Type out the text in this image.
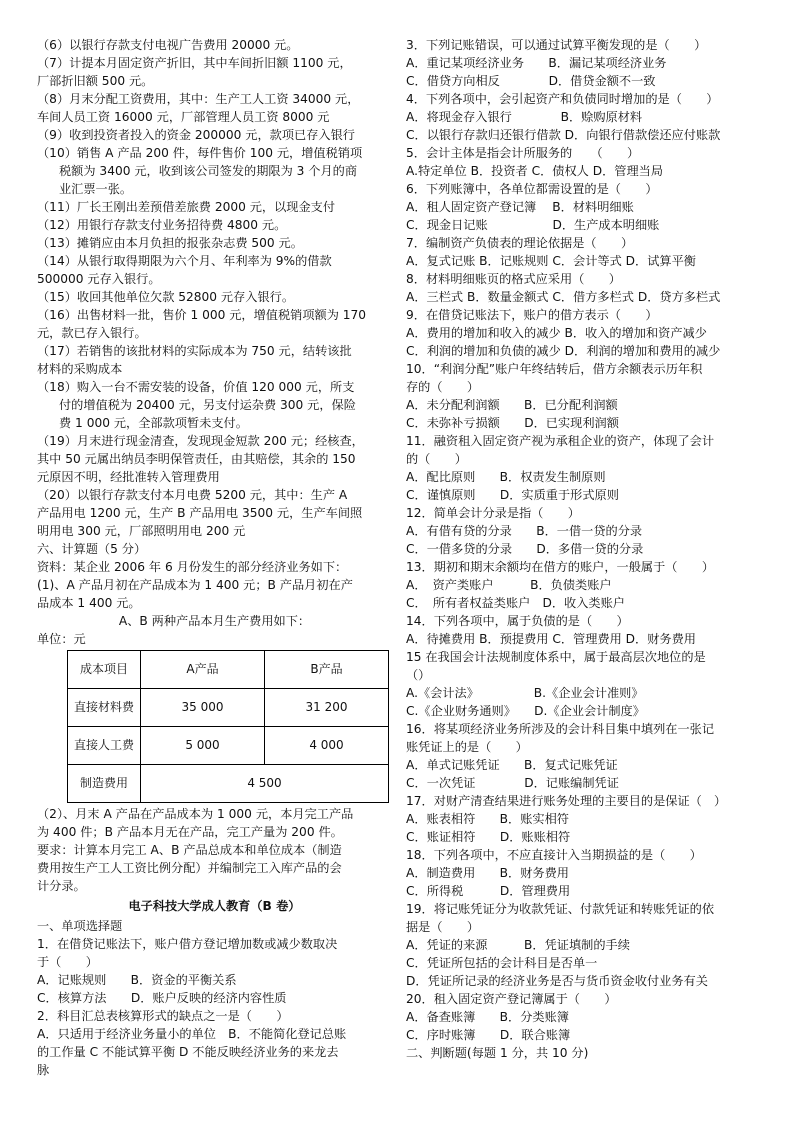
（6）以银行存款支付电视广告费用 20000 元。
（7）计提本月固定资产折旧，其中车间折旧额 1100 元，
厂部折旧额 500 元。
（8）月末分配工资费用，其中：生产工人工资 34000 元，
车间人员工资 16000 元，厂部管理人员工资 8000 元
（9）收到投资者投入的资金 200000 元，款项已存入银行
（10）销售 A 产品 200 件，每件售价 100 元，增值税销项
税额为 3400 元，收到该公司签发的期限为 3 个月的商
业汇票一张。
（11）厂长王刚出差预借差旅费 2000 元，以现金支付
（12）用银行存款支付业务招待费 4800 元。
（13）摊销应由本月负担的报张杂志费 500 元。
（14）从银行取得期限为六个月、年利率为 9%的借款
500000 元存入银行。
（15）收回其他单位欠款 52800 元存入银行。
（16）出售材料一批，售价 1 000 元，增值税销项额为 170
元，款已存入银行。
（17）若销售的该批材料的实际成本为 750 元，结转该批
材料的采购成本
（18）购入一台不需安装的设备，价值 120 000 元，所支
付的增值税为 20400 元，另支付运杂费 300 元，保险
费 1 000 元，全部款项暂未支付。
（19）月末进行现金清查，发现现金短款 200 元；经核查，
其中 50 元属出纳员李明保管责任，由其赔偿，其余的 150
元原因不明，经批准转入管理费用
（20）以银行存款支付本月电费 5200 元，其中：生产 A
产品用电 1200 元，生产 B 产品用电 3500 元，生产车间照
明用电 300 元，厂部照明用电 200 元
六、计算题（5 分）
资料：某企业 2006 年 6 月份发生的部分经济业务如下：
(1)、A 产品月初在产品成本为 1 400 元；B 产品月初在产
品成本 1 400 元。
A、B 两种产品本月生产费用如下：
单位：元
成本项目	A产品	B产品
直接材料费	35 000	31 200
直接人工费	5 000	4 000
制造费用	4 500	
（2）、月末 A 产品在产品成本为 1 000 元，本月完工产品
为 400 件；B 产品本月无在产品，完工产量为 200 件。
要求：计算本月完工 A、B 产品总成本和单位成本（制造
费用按生产工人工资比例分配）并编制完工入库产品的会
计分录。
电子科技大学成人教育（B 卷）
一、单项选择题
1．在借贷记账法下，账户借方登记增加数或减少数取决
于（　　）
A．记账规则　　B．资金的平衡关系
C．核算方法　　D．账户反映的经济内容性质
2．科目汇总表核算形式的缺点之一是（　　）
A．只适用于经济业务量小的单位　B．不能简化登记总账
的工作量 C 不能试算平衡 D 不能反映经济业务的来龙去
脉
3．下列记账错误，可以通过试算平衡发现的是（　　）
A．重记某项经济业务　　B．漏记某项经济业务
C．借贷方向相反　　　　D．借贷金额不一致
4．下列各项中，会引起资产和负债同时增加的是（　　）
A．将现金存入银行　　　　B．赊购原材料
C．以银行存款归还银行借款 D．向银行借款偿还应付账款
5．会计主体是指会计所服务的　　（　　）
A.特定单位 B．投资者 C．债权人 D．管理当局
6．下列账簿中，各单位都需设置的是（　　）
A．租人固定资产登记簿　 B．材料明细账
C．现金日记账　　　　　 D．生产成本明细账
7．编制资产负债表的理论依据是（　　）
A．复式记账 B．记账规则 C．会计等式 D．试算平衡
8．材料明细账页的格式应采用（　　）
A．三栏式 B．数量金额式 C．借方多栏式 D．贷方多栏式
9．在借贷记账法下，账户的借方表示（　　）
A．费用的增加和收入的减少 B．收入的增加和资产减少
C．利润的增加和负债的减少 D．利润的增加和费用的减少
10．“利润分配”账户年终结转后，借方余额表示历年积
存的（　　）
A．未分配利润额　　B．已分配利润额
C．未弥补亏损额　　D．已实现利润额
11．融资租入固定资产视为承租企业的资产，体现了会计
的（　　）
A．配比原则　　B．权责发生制原则
C．谨慎原则　　D．实质重于形式原则
12．简单会计分录是指（　　）
A．有借有贷的分录　　B．一借一贷的分录
C．一借多贷的分录　　D．多借一贷的分录
13．期初和期末余额均在借方的账户，一般属于（　　）
A．　资产类账户　　　B．负债类账户
C．　所有者权益类账户　D．收入类账户
14．下列各项中，属于负债的是（　　）
A．待摊费用 B．预提费用 C．管理费用 D．财务费用
15 在我国会计法规制度体系中，属于最高层次地位的是
（）
A.《会计法》　　　　　B.《企业会计准则》
C.《企业财务通则》　　D.《企业会计制度》
16．将某项经济业务所涉及的会计科目集中填列在一张记
账凭证上的是（　　）
A．单式记账凭证　　B．复式记账凭证
C．一次凭证　　　　D．记账编制凭证
17．对财产清查结果进行账务处理的主要目的是保证（　）
A．账表相符　　B．账实相符
C．账证相符　　D．账账相符
18．下列各项中，不应直接计入当期损益的是（　　）
A．制造费用　　B．财务费用
C．所得税　　　D．管理费用
19．将记账凭证分为收款凭证、付款凭证和转账凭证的依
据是（　　）
A．凭证的来源　　　B．凭证填制的手续
C．凭证所包括的会计科目是否单一
D．凭证所记录的经济业务是否与货币资金收付业务有关
20．租入固定资产登记簿属于（　　）
A．备查账簿　　B．分类账簿
C．序时账簿　　D．联合账簿
二、判断题(每题 1 分，共 10 分)
